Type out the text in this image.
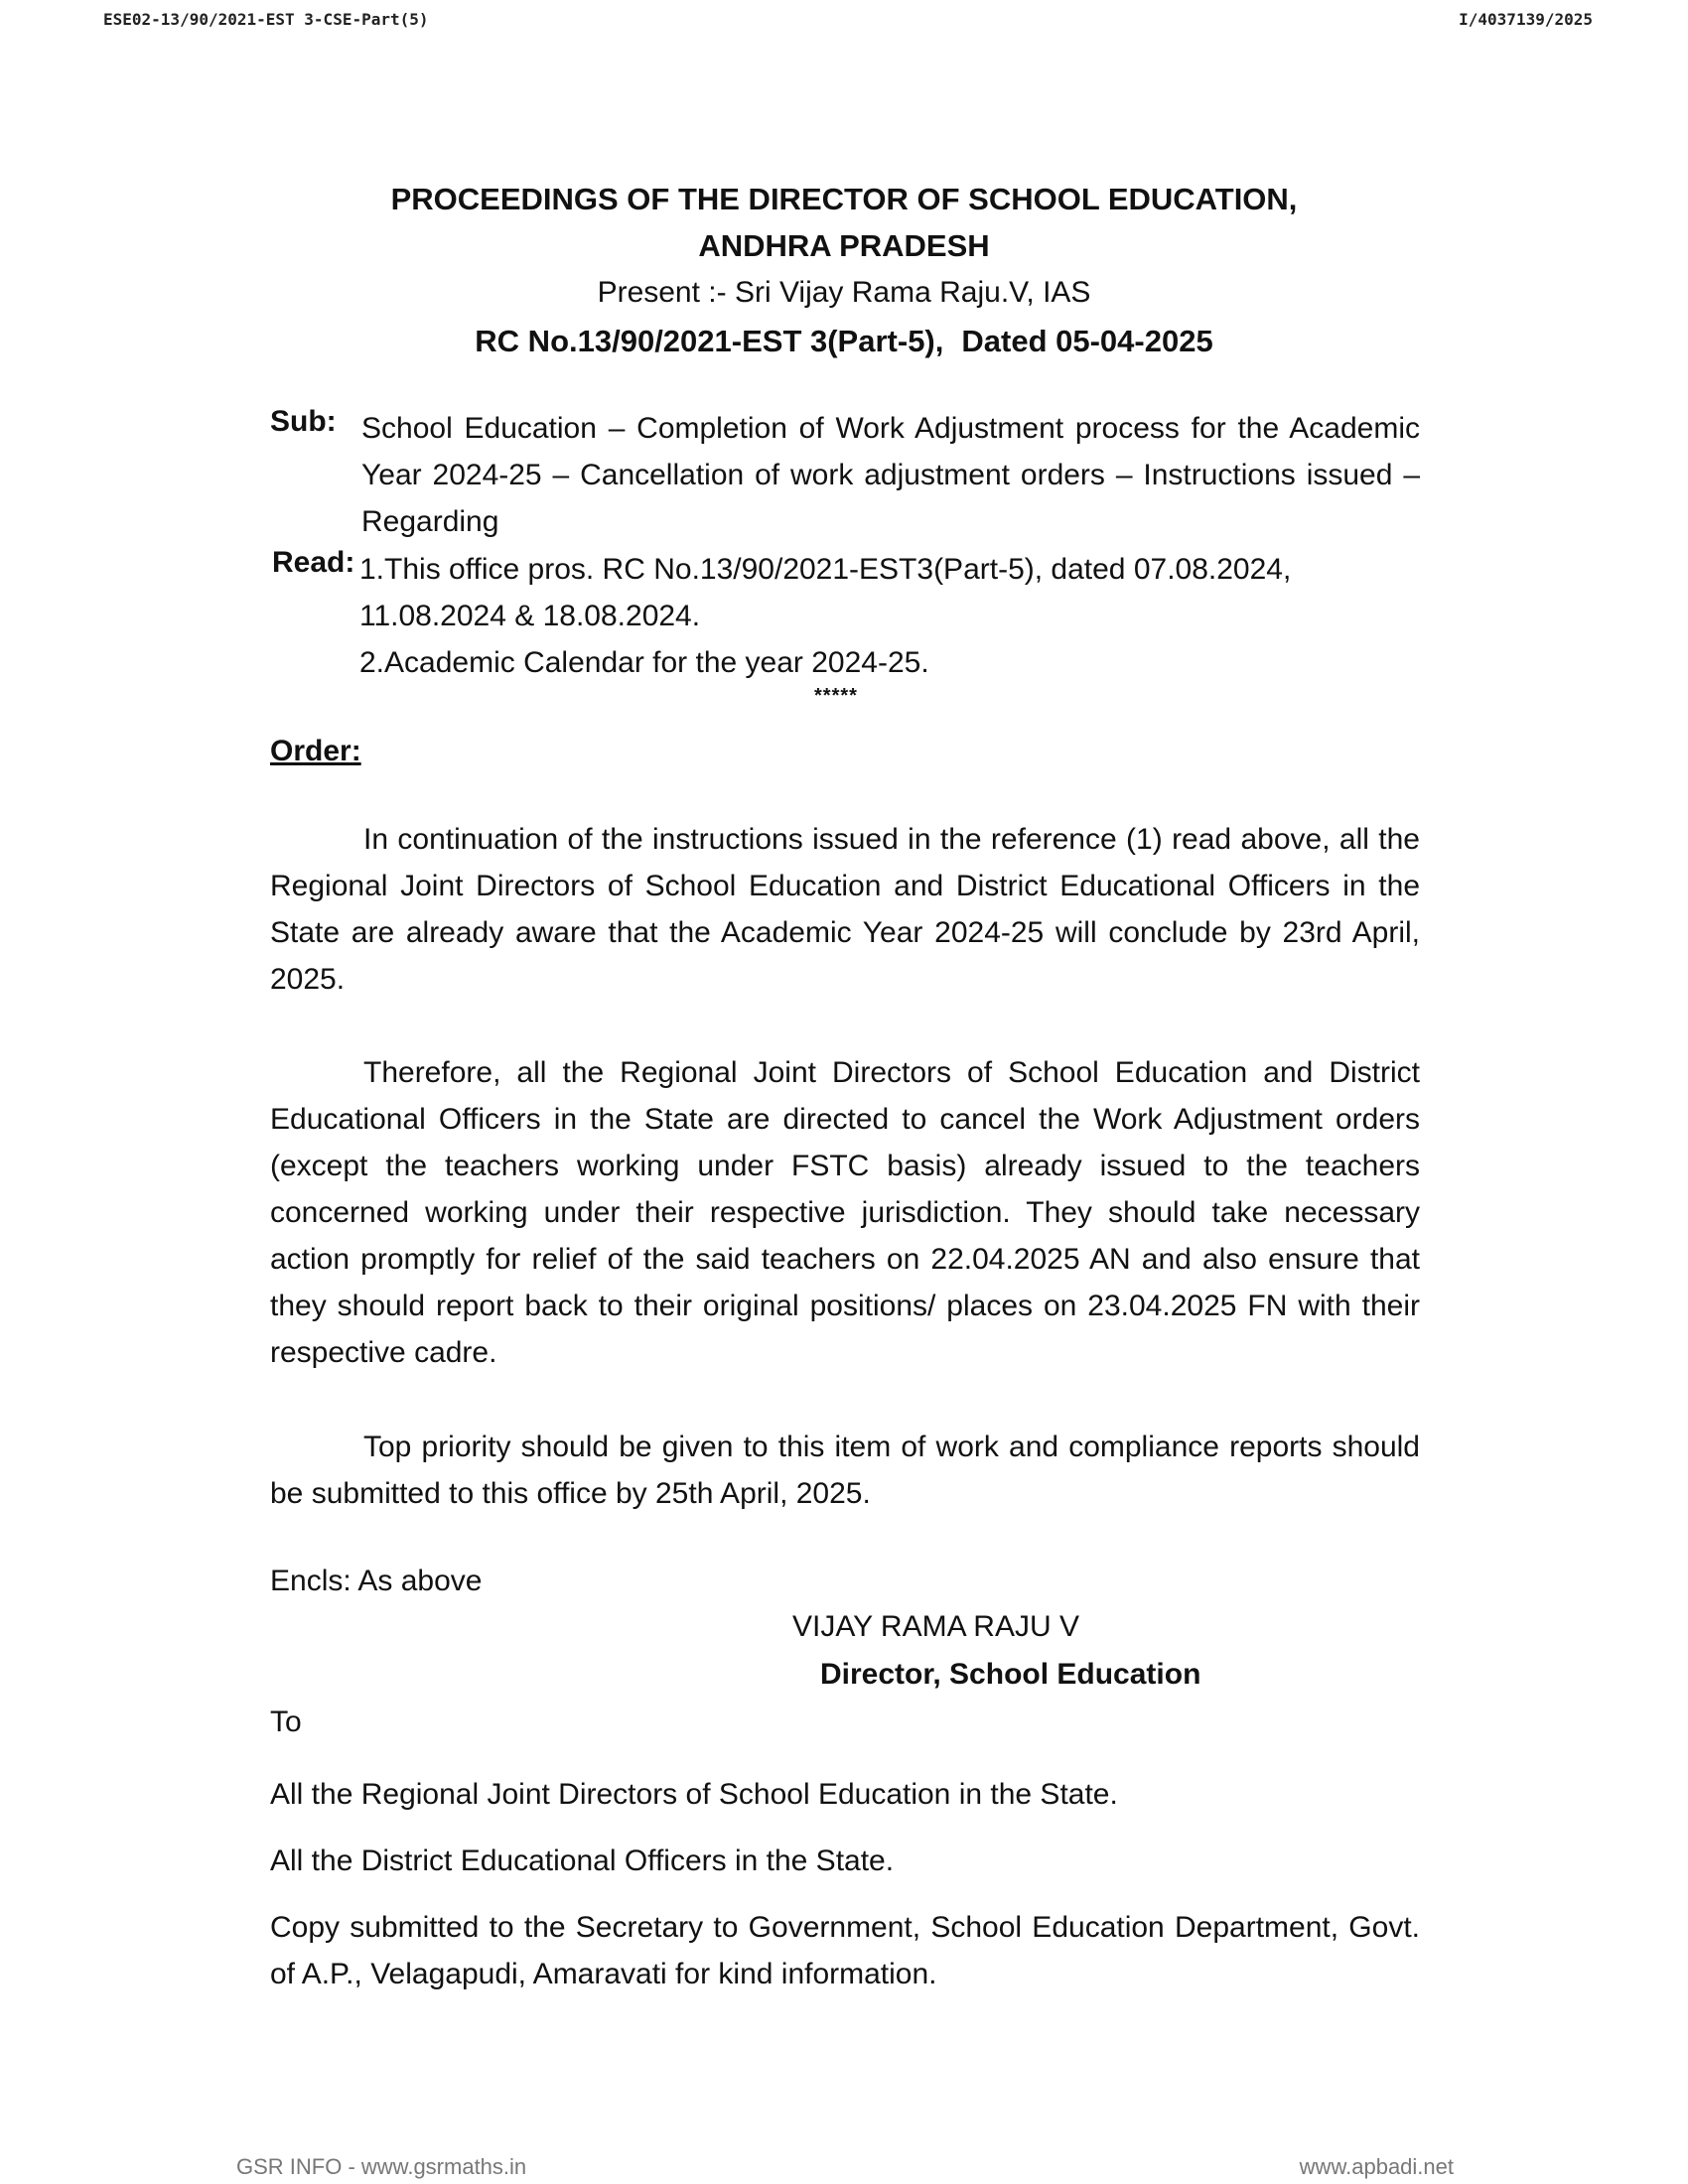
ESE02-13/90/2021-EST 3-CSE-Part(5)	I/4037139/2025
PROCEEDINGS OF THE DIRECTOR OF SCHOOL EDUCATION,
ANDHRA PRADESH
Present :- Sri Vijay Rama Raju.V, IAS
RC No.13/90/2021-EST 3(Part-5), Dated 05-04-2025
Sub: School Education – Completion of Work Adjustment process for the Academic Year 2024-25 – Cancellation of work adjustment orders – Instructions issued – Regarding
Read: 1.This office pros. RC No.13/90/2021-EST3(Part-5), dated 07.08.2024,
11.08.2024 & 18.08.2024.
2.Academic Calendar for the year 2024-25.
*****
Order:

In continuation of the instructions issued in the reference (1) read above, all the Regional Joint Directors of School Education and District Educational Officers in the State are already aware that the Academic Year 2024-25 will conclude by 23rd April, 2025.

Therefore, all the Regional Joint Directors of School Education and District Educational Officers in the State are directed to cancel the Work Adjustment orders (except the teachers working under FSTC basis) already issued to the teachers concerned working under their respective jurisdiction. They should take necessary action promptly for relief of the said teachers on 22.04.2025 AN and also ensure that they should report back to their original positions/ places on 23.04.2025 FN with their respective cadre.

Top priority should be given to this item of work and compliance reports should be submitted to this office by 25th April, 2025.

Encls: As above
VIJAY RAMA RAJU V
Director, School Education
To

All the Regional Joint Directors of School Education in the State.

All the District Educational Officers in the State.

Copy submitted to the Secretary to Government, School Education Department, Govt. of A.P., Velagapudi, Amaravati for kind information.

GSR INFO - www.gsrmaths.in	www.apbadi.net
